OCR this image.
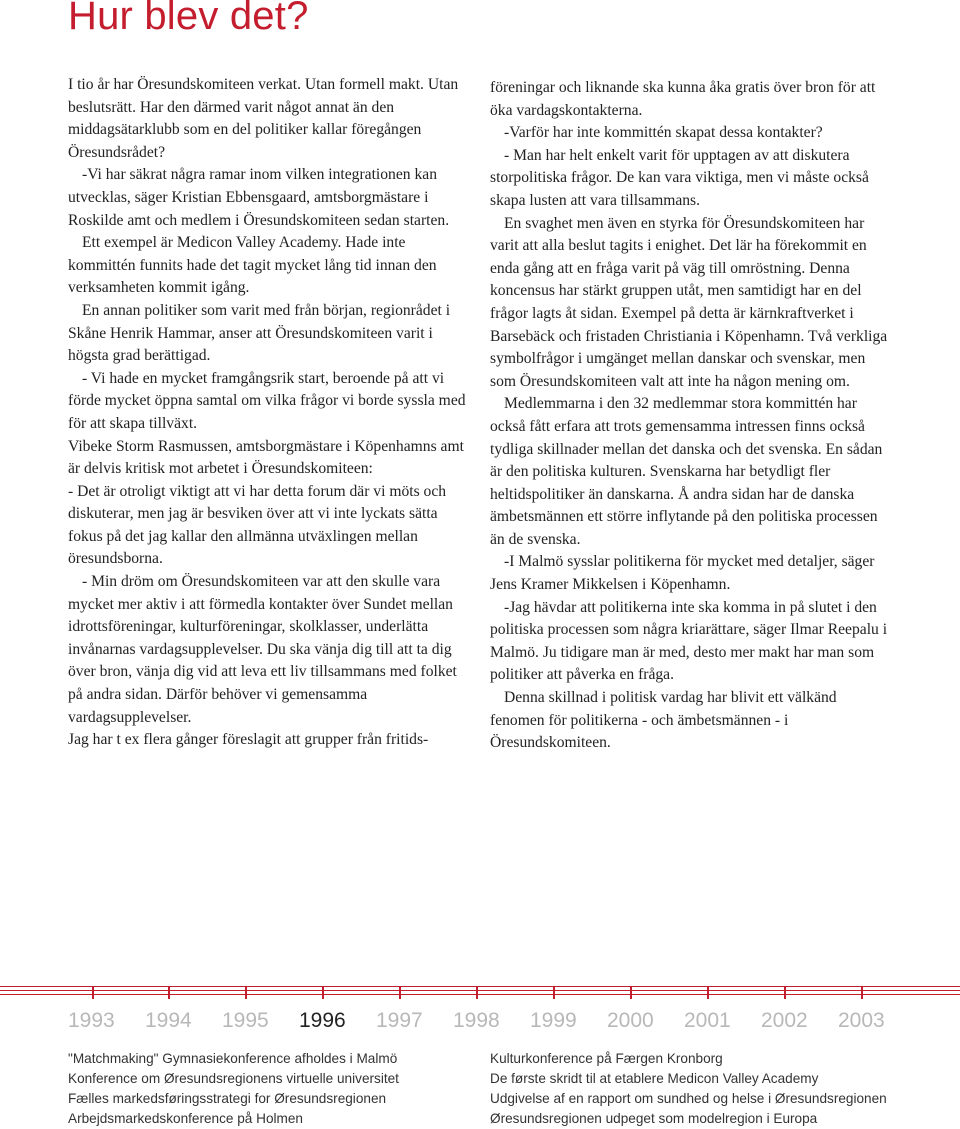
Hur blev det?

I tio år har Öresundskomiteen verkat. Utan formell makt. Utan beslutsrätt. Har den därmed varit något annat än den middagsätarklubb som en del politiker kallar föregången Öresundsrådet?

-Vi har säkrat några ramar inom vilken integrationen kan utvecklas, säger Kristian Ebbensgaard, amtsborgmästare i Roskilde amt och medlem i Öresundskomiteen sedan starten.

Ett exempel är Medicon Valley Academy. Hade inte kommittén funnits hade det tagit mycket lång tid innan den verksamheten kommit igång.

En annan politiker som varit med från början, regionrådet i Skåne Henrik Hammar, anser att Öresundskomiteen varit i högsta grad berättigad.

- Vi hade en mycket framgångsrik start, beroende på att vi förde mycket öppna samtal om vilka frågor vi borde syssla med för att skapa tillväxt.

Vibeke Storm Rasmussen, amtsborgmästare i Köpenhamns amt är delvis kritisk mot arbetet i Öresundskomiteen:

- Det är otroligt viktigt att vi har detta forum där vi möts och diskuterar, men jag är besviken över att vi inte lyckats sätta fokus på det jag kallar den allmänna utväxlingen mellan öresundsborna.

- Min dröm om Öresundskomiteen var att den skulle vara mycket mer aktiv i att förmedla kontakter över Sundet mellan idrottsföreningar, kulturföreningar, skolklasser, underlätta invånarnas vardagsupplevelser. Du ska vänja dig till att ta dig över bron, vänja dig vid att leva ett liv tillsammans med folket på andra sidan. Därför behöver vi gemensamma vardagsupplevelser.

Jag har t ex flera gånger föreslagit att grupper från fritids-

föreningar och liknande ska kunna åka gratis över bron för att öka vardagskontakterna.

-Varför har inte kommittén skapat dessa kontakter?

- Man har helt enkelt varit för upptagen av att diskutera storpolitiska frågor. De kan vara viktiga, men vi måste också skapa lusten att vara tillsammans.

En svaghet men även en styrka för Öresundskomiteen har varit att alla beslut tagits i enighet. Det lär ha förekommit en enda gång att en fråga varit på väg till omröstning. Denna koncensus har stärkt gruppen utåt, men samtidigt har en del frågor lagts åt sidan. Exempel på detta är kärnkraftverket i Barsebäck och fristaden Christiania i Köpenhamn. Två verkliga symbolfrågor i umgänget mellan danskar och svenskar, men som Öresundskomiteen valt att inte ha någon mening om.

Medlemmarna i den 32 medlemmar stora kommittén har också fått erfara att trots gemensamma intressen finns också tydliga skillnader mellan det danska och det svenska. En sådan är den politiska kulturen. Svenskarna har betydligt fler heltidspolitiker än danskarna. Å andra sidan har de danska ämbetsmännen ett större inflytande på den politiska processen än de svenska.

-I Malmö sysslar politikerna för mycket med detaljer, säger Jens Kramer Mikkelsen i Köpenhamn.

-Jag hävdar att politikerna inte ska komma in på slutet i den politiska processen som några kriarättare, säger Ilmar Reepalu i Malmö. Ju tidigare man är med, desto mer makt har man som politiker att påverka en fråga.

Denna skillnad i politisk vardag har blivit ett välkänd fenomen för politikerna - och ämbetsmännen - i Öresundskomiteen.

1993 1994 1995 1996 1997 1998 1999 2000 2001 2002 2003
"Matchmaking" Gymnasiekonference afholdes i Malmö
Konference om Øresundsregionens virtuelle universitet
Fælles markedsføringsstrategi for Øresundsregionen
Arbejdsmarkedskonference på Holmen
Kulturkonference på Færgen Kronborg
De første skridt til at etablere Medicon Valley Academy
Udgivelse af en rapport om sundhed og helse i Øresundsregionen
Øresundsregionen udpeget som modelregion i Europa
